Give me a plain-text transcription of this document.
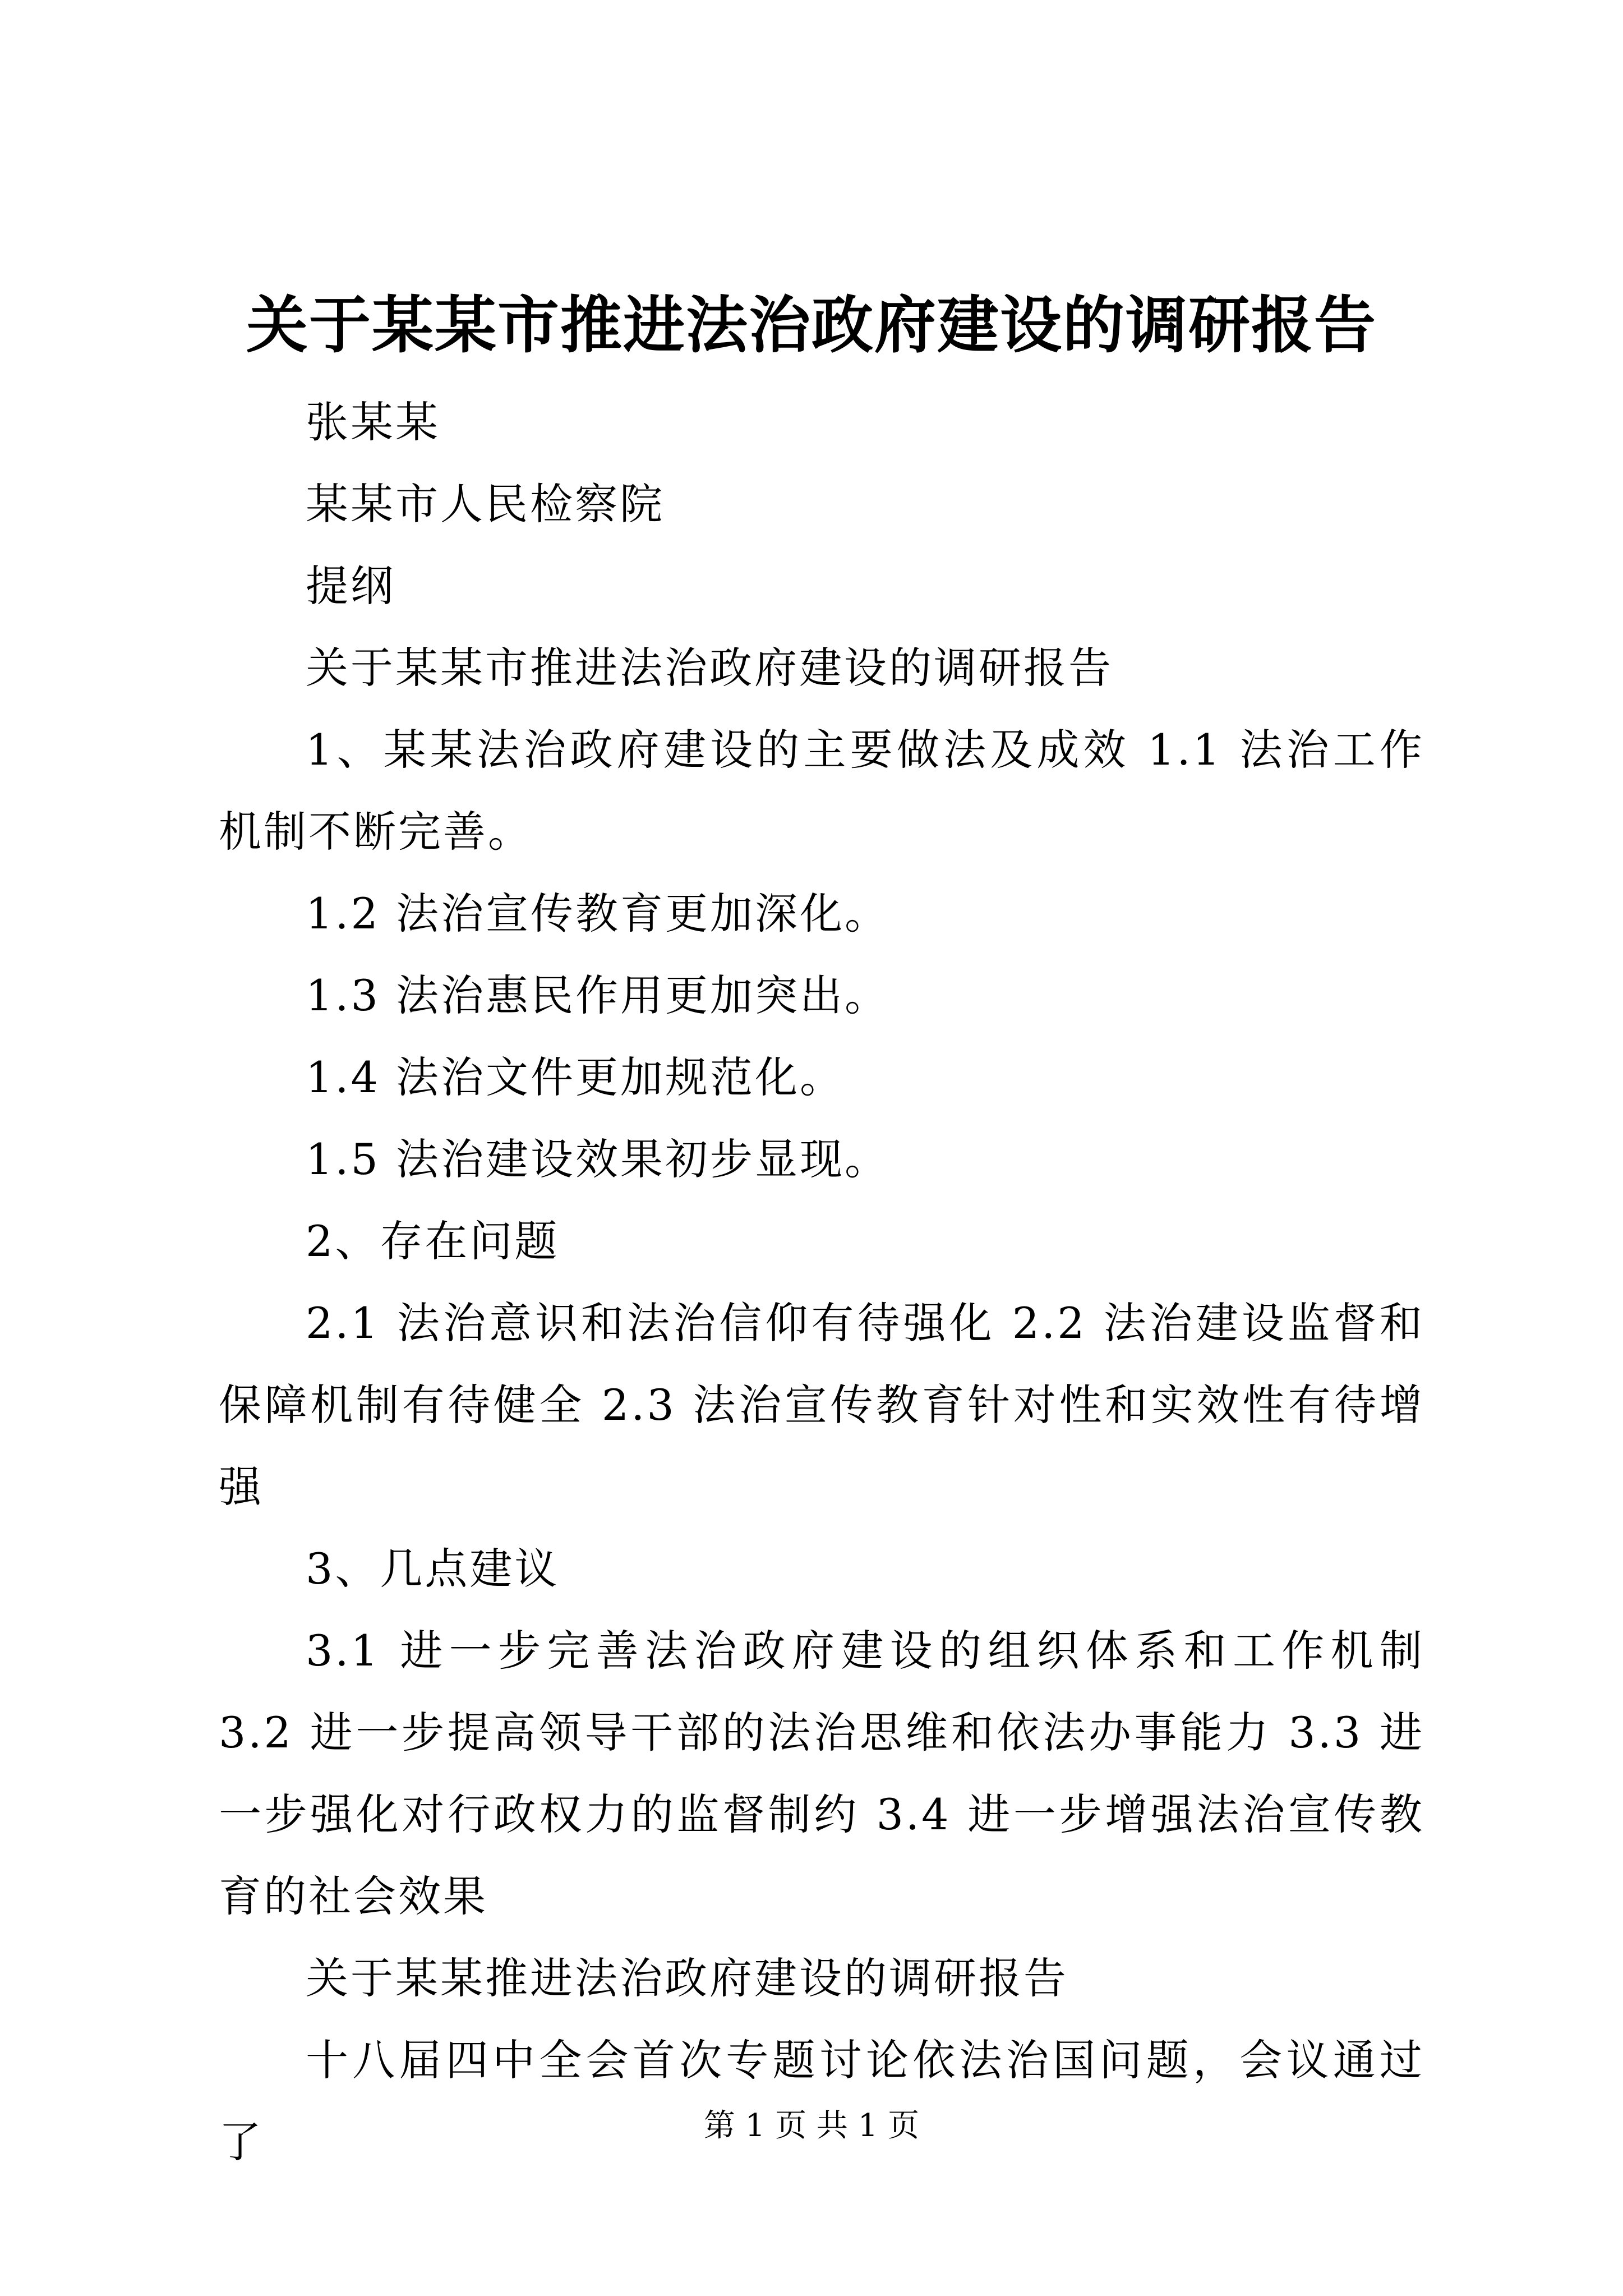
关于某某市推进法治政府建设的调研报告

张某某

某某市人民检察院

提纲

关于某某市推进法治政府建设的调研报告

1、某某法治政府建设的主要做法及成效 1.1 法治工作机制不断完善。

1.2 法治宣传教育更加深化。

1.3 法治惠民作用更加突出。

1.4 法治文件更加规范化。

1.5 法治建设效果初步显现。

2、存在问题

2.1 法治意识和法治信仰有待强化 2.2 法治建设监督和保障机制有待健全 2.3 法治宣传教育针对性和实效性有待增强

3、几点建议

3.1 进一步完善法治政府建设的组织体系和工作机制 3.2 进一步提高领导干部的法治思维和依法办事能力 3.3 进一步强化对行政权力的监督制约 3.4 进一步增强法治宣传教育的社会效果

关于某某推进法治政府建设的调研报告

十八届四中全会首次专题讨论依法治国问题，会议通过了	第 1 页 共 1 页
